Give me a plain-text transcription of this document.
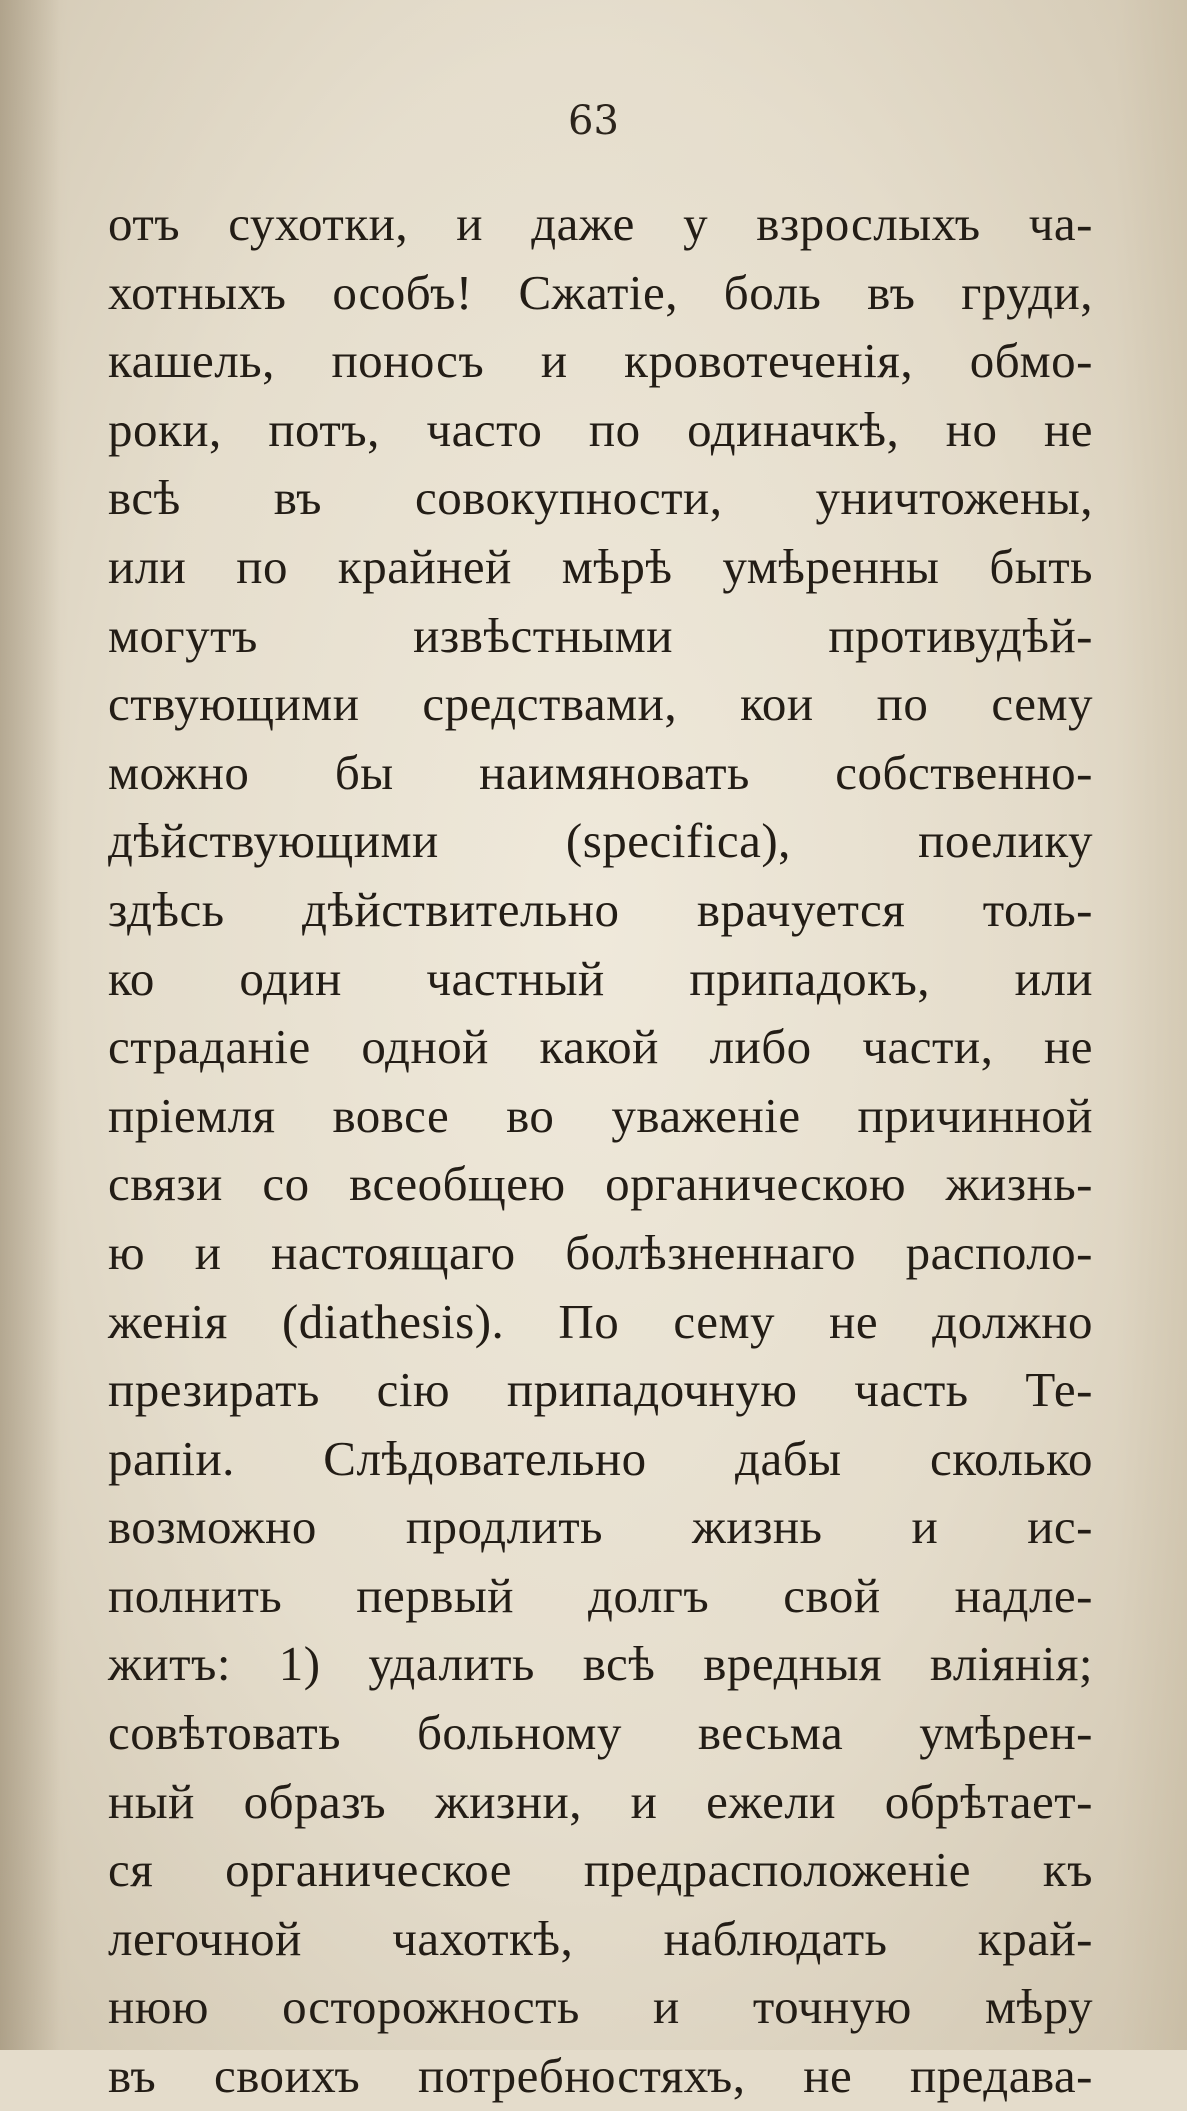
63
отъ сухотки, и даже у взрослыхъ ча-
хотныхъ особъ! Сжатіе, боль въ груди,
кашель, поносъ и кровотеченія, обмо-
роки, потъ, часто по одиначкѣ, но не
всѣ въ совокупности, уничтожены,
или по крайней мѣрѣ умѣренны быть
могутъ извѣстными противудѣй-
ствующими средствами, кои по сему
можно бы наимяновать собственно-
дѣйствующими (specifica), поелику
здѣсь дѣйствительно врачуется толь-
ко один частный припадокъ, или
страданіе одной какой либо части, не
пріемля вовсе во уваженіе причинной
связи со всеобщею органическою жизнь-
ю и настоящаго болѣзненнаго располо-
женія (diathesis). По сему не должно
презирать сію припадочную часть Те-
рапіи. Слѣдовательно дабы сколько
возможно продлить жизнь и ис-
полнить первый долгъ свой надле-
житъ: 1) удалить всѣ вредныя вліянія;
совѣтовать больному весьма умѣрен-
ный образъ жизни, и ежели обрѣтает-
ся органическое предрасположеніе къ
легочной чахоткѣ, наблюдать край-
нюю осторожность и точную мѣру
въ своихъ потребностяхъ, не предава-
